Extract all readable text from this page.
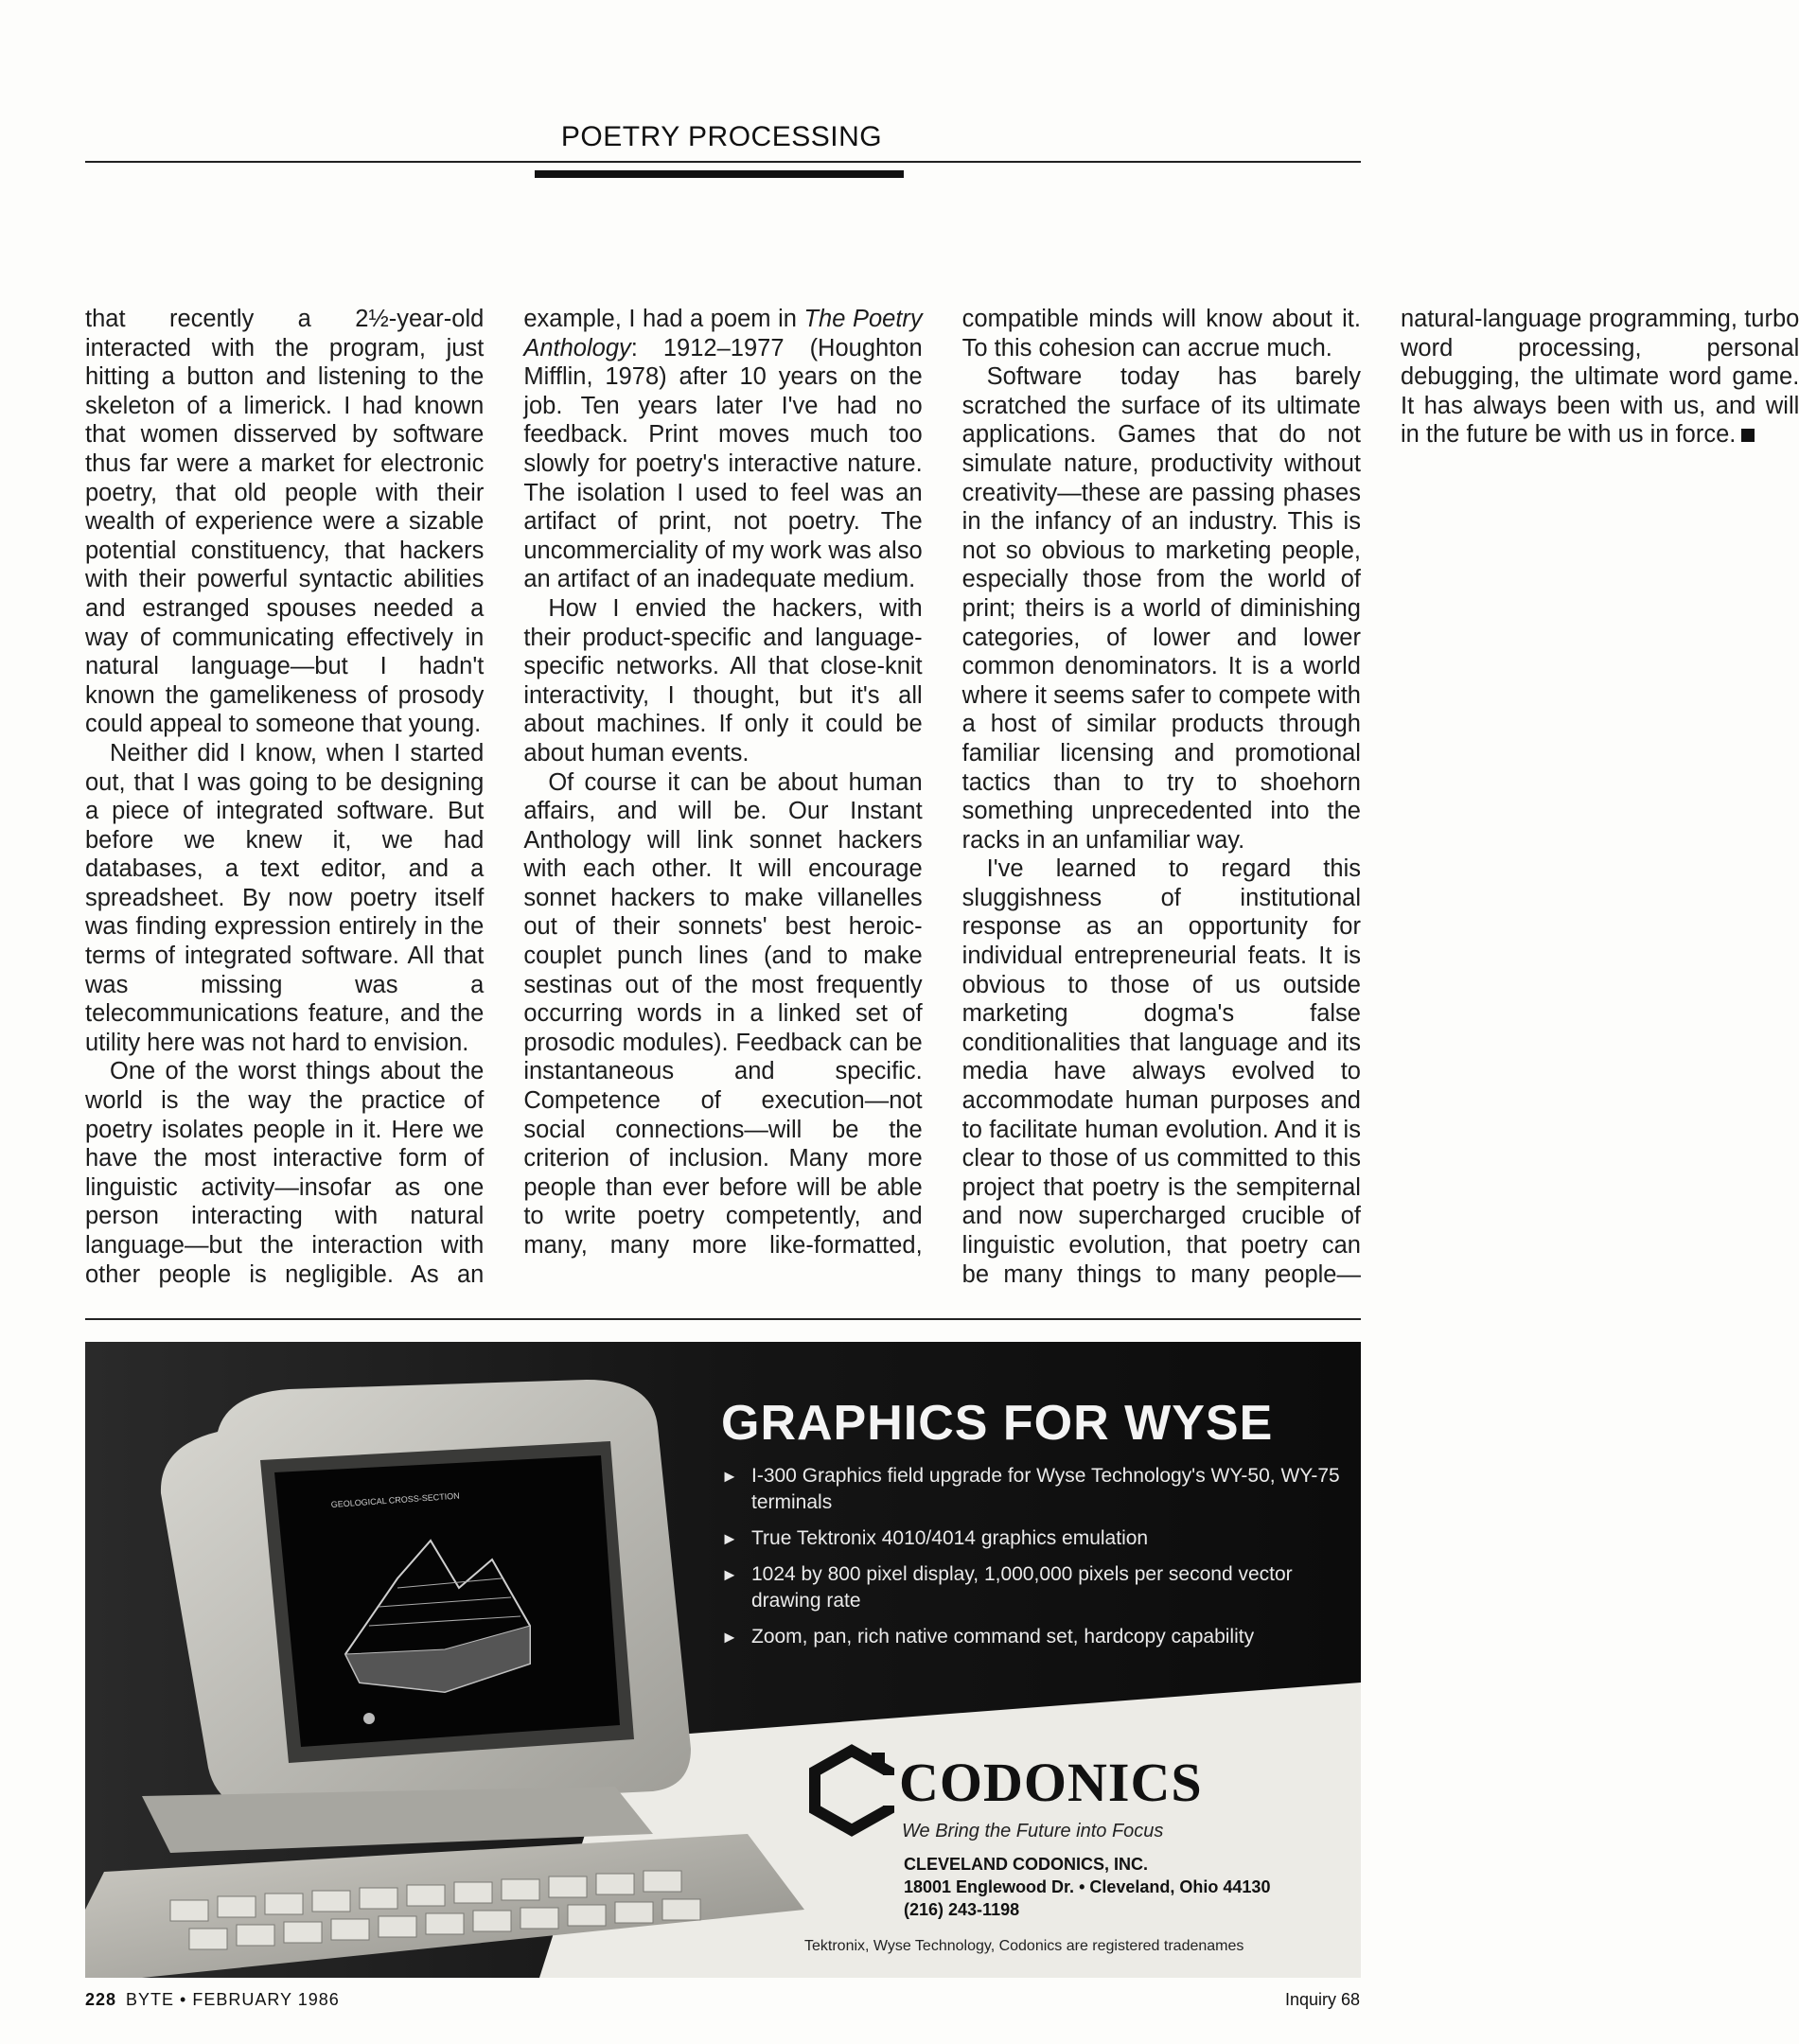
POETRY PROCESSING

that recently a 2½-year-old interacted with the program, just hitting a button and listening to the skeleton of a limerick. I had known that women disserved by software thus far were a market for electronic poetry, that old people with their wealth of experience were a sizable potential constituency, that hackers with their powerful syntactic abilities and estranged spouses needed a way of communicating effectively in natural language—but I hadn't known the gamelikeness of prosody could appeal to someone that young.

Neither did I know, when I started out, that I was going to be designing a piece of integrated software. But before we knew it, we had databases, a text editor, and a spreadsheet. By now poetry itself was finding expression entirely in the terms of integrated software. All that was missing was a telecommunications feature, and the utility here was not hard to envision.

One of the worst things about the world is the way the practice of poetry isolates people in it. Here we have the most interactive form of linguistic activity—insofar as one person interacting with natural language—but the interaction with other people is negligible. As an example, I had a poem in The Poetry Anthology: 1912–1977 (Houghton Mifflin, 1978) after 10 years on the job. Ten years later I've had no feedback. Print moves much too slowly for poetry's interactive nature. The isolation I used to feel was an artifact of print, not poetry. The uncommerciality of my work was also an artifact of an inadequate medium.

How I envied the hackers, with their product-specific and language-specific networks. All that close-knit interactivity, I thought, but it's all about machines. If only it could be about human events.

Of course it can be about human affairs, and will be. Our Instant Anthology will link sonnet hackers with each other. It will encourage sonnet hackers to make villanelles out of their sonnets' best heroic-couplet punch lines (and to make sestinas out of the most frequently occurring words in a linked set of prosodic modules). Feedback can be instantaneous and specific. Competence of execution—not social connections—will be the criterion of inclusion. Many more people than ever before will be able to write poetry competently, and many, many more like-formatted, compatible minds will know about it. To this cohesion can accrue much.

Software today has barely scratched the surface of its ultimate applications. Games that do not simulate nature, productivity without creativity—these are passing phases in the infancy of an industry. This is not so obvious to marketing people, especially those from the world of print; theirs is a world of diminishing categories, of lower and lower common denominators. It is a world where it seems safer to compete with a host of similar products through familiar licensing and promotional tactics than to try to shoehorn something unprecedented into the racks in an unfamiliar way.

I've learned to regard this sluggishness of institutional response as an opportunity for individual entrepreneurial feats. It is obvious to those of us outside marketing dogma's false conditionalities that language and its media have always evolved to accommodate human purposes and to facilitate human evolution. And it is clear to those of us committed to this project that poetry is the sempiternal and now supercharged crucible of linguistic evolution, that poetry can be many things to many people—natural-language programming, turbo word processing, personal debugging, the ultimate word game. It has always been with us, and will in the future be with us in force.

GEOLOGICAL CROSS-SECTION
GRAPHICS FOR WYSE
► I-300 Graphics field upgrade for Wyse Technology's WY-50, WY-75 terminals
► True Tektronix 4010/4014 graphics emulation
► 1024 by 800 pixel display, 1,000,000 pixels per second vector drawing rate
► Zoom, pan, rich native command set, hardcopy capability
CODONICS
We Bring the Future into Focus
CLEVELAND CODONICS, INC.
18001 Englewood Dr. • Cleveland, Ohio 44130
(216) 243-1198
Tektronix, Wyse Technology, Codonics are registered tradenames
228 BYTE • FEBRUARY 1986	Inquiry 68
